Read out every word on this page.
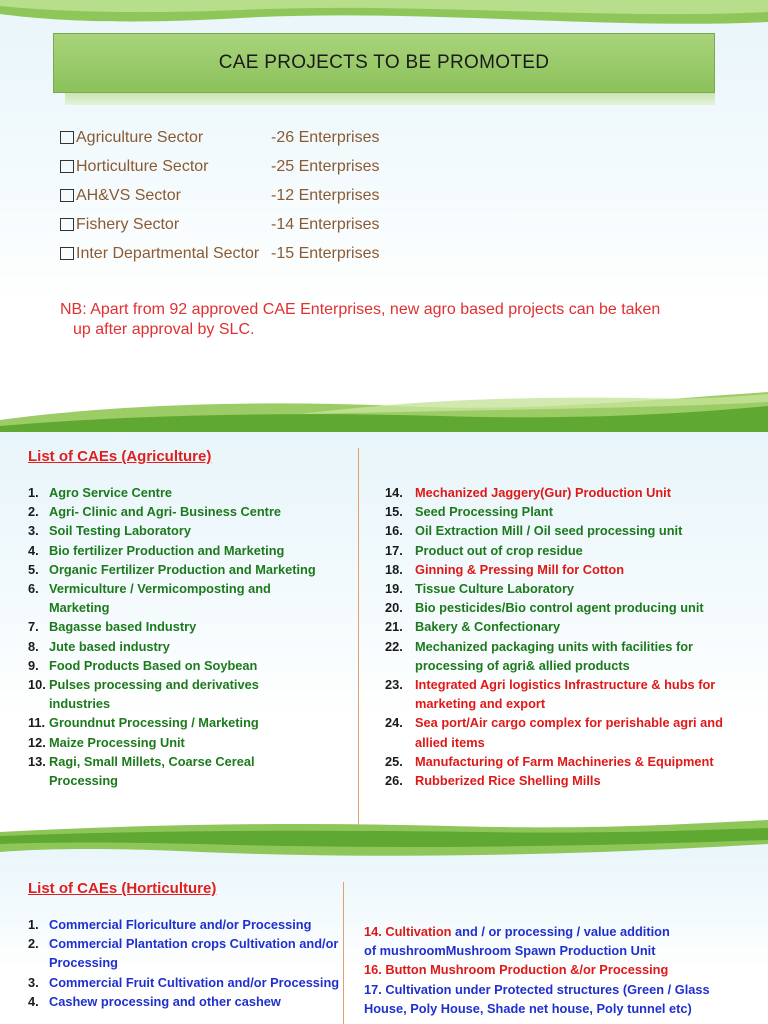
CAE PROJECTS TO BE PROMOTED
Agriculture Sector	-26 Enterprises
Horticulture Sector	-25 Enterprises
AH&VS Sector	-12 Enterprises
Fishery Sector	-14 Enterprises
Inter Departmental Sector -15 Enterprises
NB: Apart from 92 approved CAE Enterprises, new agro based projects can be taken
up after approval by SLC.
List of CAEs (Agriculture)
1. Agro Service Centre
2. Agri- Clinic and Agri- Business Centre
3. Soil Testing Laboratory
4. Bio fertilizer Production and Marketing
5. Organic Fertilizer Production and Marketing
6. Vermiculture / Vermicomposting and Marketing
7. Bagasse based Industry
8. Jute based industry
9. Food Products Based on Soybean
10. Pulses processing and derivatives industries
11. Groundnut Processing / Marketing
12. Maize Processing Unit
13. Ragi, Small Millets, Coarse Cereal Processing
14. Mechanized Jaggery(Gur) Production Unit
15. Seed Processing Plant
16. Oil Extraction Mill / Oil seed processing unit
17. Product out of crop residue
18. Ginning & Pressing Mill for Cotton
19. Tissue Culture Laboratory
20. Bio pesticides/Bio control agent producing unit
21. Bakery & Confectionary
22. Mechanized packaging units with facilities for processing of agri& allied products
23. Integrated Agri logistics Infrastructure & hubs for marketing and export
24. Sea port/Air cargo complex for perishable agri and allied items
25. Manufacturing of Farm Machineries & Equipment
26. Rubberized Rice Shelling Mills
List of CAEs (Horticulture)
1. Commercial Floriculture and/or Processing
2. Commercial Plantation crops Cultivation and/or Processing
3. Commercial Fruit Cultivation and/or Processing
4. Cashew processing and other cashew
14. Cultivation and / or processing / value addition
of mushroomMushroom Spawn Production Unit
16. Button Mushroom Production &/or Processing
17. Cultivation under Protected structures (Green / Glass
House, Poly House, Shade net house, Poly tunnel etc)
